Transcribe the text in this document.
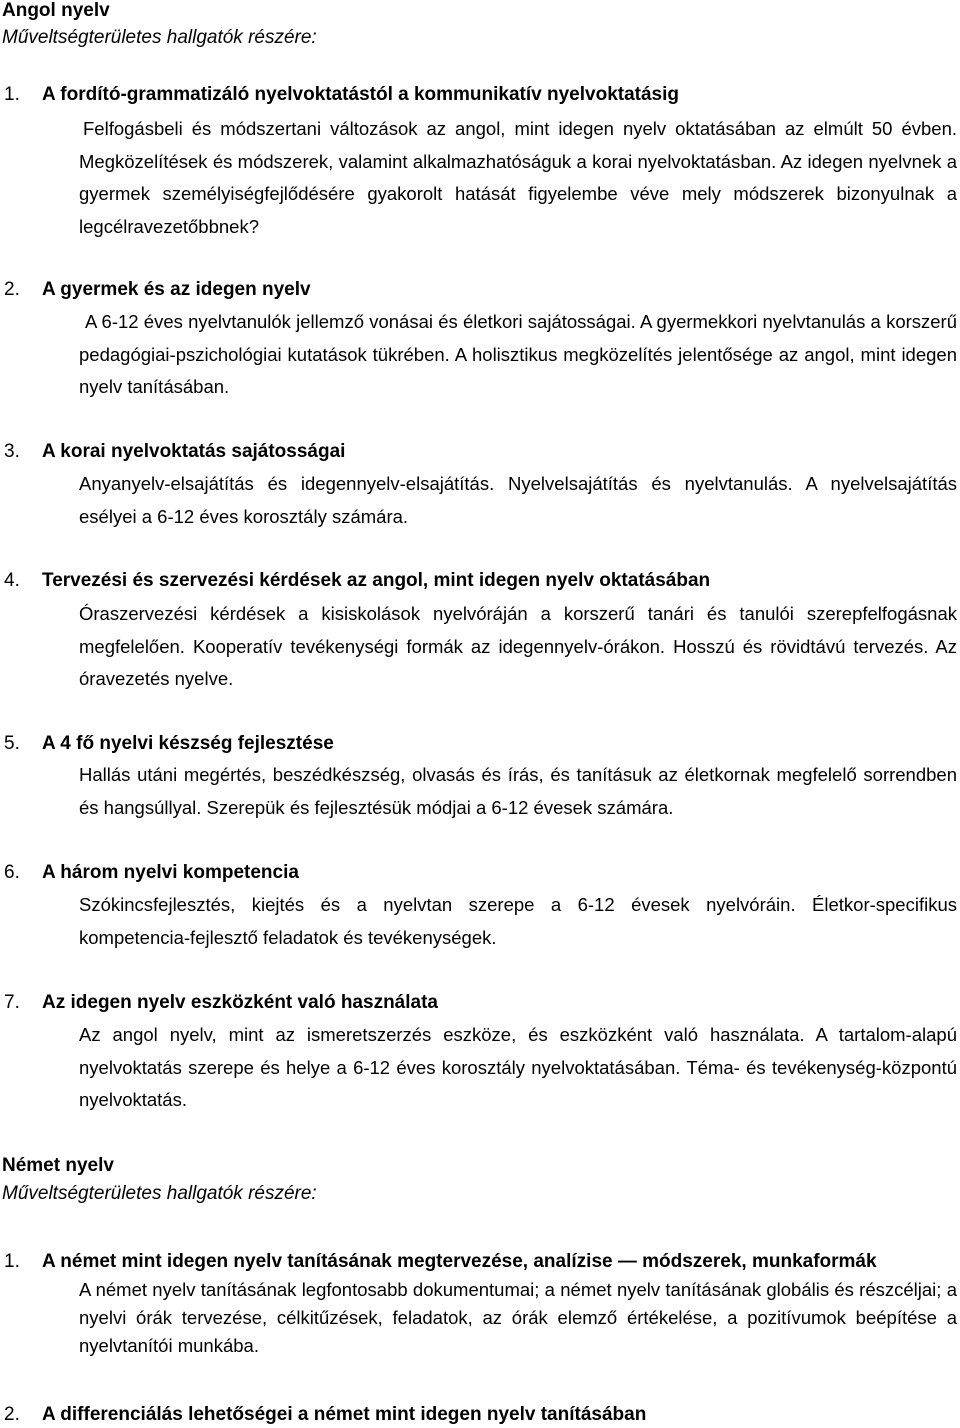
Angol nyelv
Műveltségterületes hallgatók részére:
1. A fordító-grammatizáló nyelvoktatástól a kommunikatív nyelvoktatásig
Felfogásbeli és módszertani változások az angol, mint idegen nyelv oktatásában az elmúlt 50 évben. Megközelítések és módszerek, valamint alkalmazhatóságuk a korai nyelvoktatásban. Az idegen nyelvnek a gyermek személyiségfejlődésére gyakorolt hatását figyelembe véve mely módszerek bizonyulnak a legcélravezetőbbnek?
2. A gyermek és az idegen nyelv
A 6-12 éves nyelvtanulók jellemző vonásai és életkori sajátosságai. A gyermekkori nyelvtanulás a korszerű pedagógiai-pszichológiai kutatások tükrében. A holisztikus megközelítés jelentősége az angol, mint idegen nyelv tanításában.
3. A korai nyelvoktatás sajátosságai
Anyanyelv-elsajátítás és idegennyelv-elsajátítás. Nyelvelsajátítás és nyelvtanulás. A nyelvelsajátítás esélyei a 6-12 éves korosztály számára.
4. Tervezési és szervezési kérdések az angol, mint idegen nyelv oktatásában
Óraszervezési kérdések a kisiskolások nyelvóráján a korszerű tanári és tanulói szerepfelfogásnak megfelelően. Kooperatív tevékenységi formák az idegennyelv-órákon. Hosszú és rövidtávú tervezés. Az óravezetés nyelve.
5. A 4 fő nyelvi készség fejlesztése
Hallás utáni megértés, beszédkészség, olvasás és írás, és tanításuk az életkornak megfelelő sorrendben és hangsúllyal. Szerepük és fejlesztésük módjai a 6-12 évesek számára.
6. A három nyelvi kompetencia
Szókincsfejlesztés, kiejtés és a nyelvtan szerepe a 6-12 évesek nyelvóráin. Életkor-specifikus kompetencia-fejlesztő feladatok és tevékenységek.
7. Az idegen nyelv eszközként való használata
Az angol nyelv, mint az ismeretszerzés eszköze, és eszközként való használata. A tartalom-alapú nyelvoktatás szerepe és helye a 6-12 éves korosztály nyelvoktatásában. Téma- és tevékenység-központú nyelvoktatás.
Német nyelv
Műveltségterületes hallgatók részére:
1. A német mint idegen nyelv tanításának megtervezése, analízise — módszerek, munkaformák
A német nyelv tanításának legfontosabb dokumentumai; a német nyelv tanításának globális és részcéljai; a nyelvi órák tervezése, célkitűzések, feladatok, az órák elemző értékelése, a pozitívumok beépítése a nyelvtanítói munkába.
2. A differenciálás lehetőségei a német mint idegen nyelv tanításában
